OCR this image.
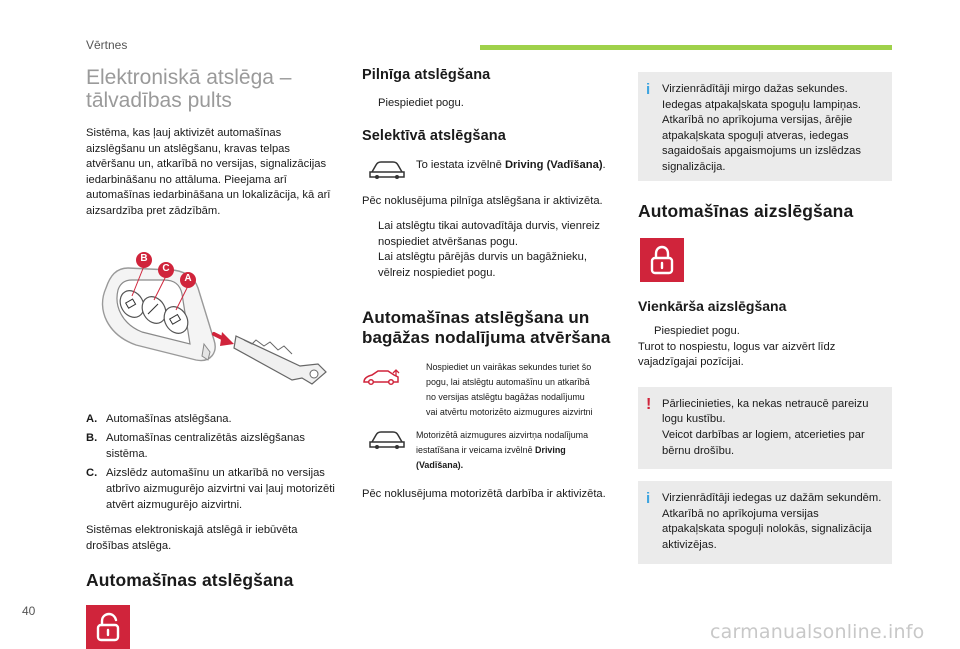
Vērtnes
Elektroniskā atslēga –
tālvadības pults

Sistēma, kas ļauj aktivizēt automašīnas aizslēgšanu un atslēgšanu, kravas telpas atvēršanu un, atkarībā no versijas, signalizācijas iedarbināšanu no attāluma. Pieejama arī automašīnas iedarbināšana un lokalizācija, kā arī aizsardzība pret zādzībām.

B
C
A
A. Automašīnas atslēgšana.
B. Automašīnas centralizētās aizslēgšanas sistēma.
C. Aizslēdz automašīnu un atkarībā no versijas atbrīvo aizmugurējo aizvirtni vai ļauj motorizēti atvērt aizmugurējo aizvirtni.

Sistēmas elektroniskajā atslēgā ir iebūvēta drošības atslēga.

Automašīnas atslēgšana
Pilnīga atslēgšana

Piespiediet pogu.

Selektīvā atslēgšana

To iestata izvēlnē Driving (Vadīšana).

Pēc noklusējuma pilnīga atslēgšana ir aktivizēta.

Lai atslēgtu tikai autovadītāja durvis, vienreiz nospiediet atvēršanas pogu.

Lai atslēgtu pārējās durvis un bagāžnieku, vēlreiz nospiediet pogu.

Automašīnas atslēgšana un
bagāžas nodalījuma atvēršana

Nospiediet un vairākas sekundes turiet šo pogu, lai atslēgtu automašīnu un atkarībā no versijas atslēgtu bagāžas nodalījumu vai atvērtu motorizēto aizmugures aizvirtni

Motorizētā aizmugures aizvirtņa nodalījuma iestatīšana ir veicama izvēlnē Driving (Vadīšana).

Pēc noklusējuma motorizētā darbība ir aktivizēta.

i Virzienrādītāji mirgo dažas sekundes. Iedegas atpakaļskata spoguļu lampiņas. Atkarībā no aprīkojuma versijas, ārējie atpakaļskata spoguļi atveras, iedegas sagaidošais apgaismojums un izslēdzas signalizācija.

Automašīnas aizslēgšana
Vienkārša aizslēgšana

Piespiediet pogu.

Turot to nospiestu, logus var aizvērt līdz vajadzīgajai pozīcijai.

! Pārliecinieties, ka nekas netraucē pareizu logu kustību.
Veicot darbības ar logiem, atcerieties par bērnu drošību.

i Virzienrādītāji iedegas uz dažām sekundēm.
Atkarībā no aprīkojuma versijas atpakaļskata spoguļi nolokās, signalizācija aktivizējas.

40
carmanualsonline.info
